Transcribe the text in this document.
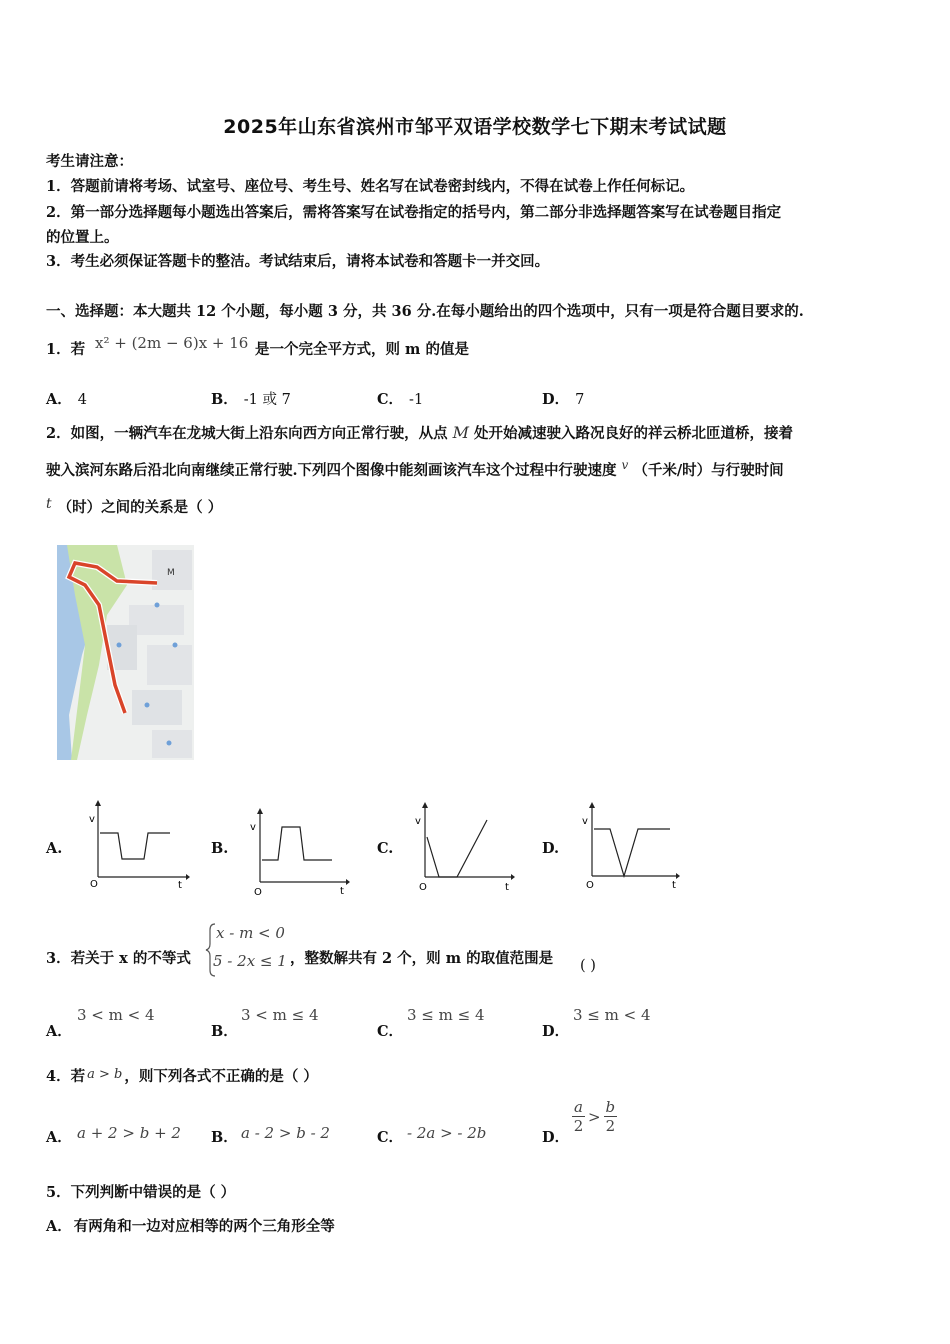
2025年山东省滨州市邹平双语学校数学七下期末考试试题
考生请注意：
1．答题前请将考场、试室号、座位号、考生号、姓名写在试卷密封线内，不得在试卷上作任何标记。
2．第一部分选择题每小题选出答案后，需将答案写在试卷指定的括号内，第二部分非选择题答案写在试卷题目指定
的位置上。
3．考生必须保证答题卡的整洁。考试结束后，请将本试卷和答题卡一并交回。
一、选择题：本大题共 12 个小题，每小题 3 分，共 36 分.在每小题给出的四个选项中，只有一项是符合题目要求的.
1．若 x² + (2m − 6)x + 16 是一个完全平方式，则 m 的值是
A． 4	B． -1 或 7	C． -1	D． 7
2．如图，一辆汽车在龙城大街上沿东向西方向正常行驶，从点 M 处开始减速驶入路况良好的祥云桥北匝道桥，接着
驶入滨河东路后沿北向南继续正常行驶.下列四个图像中能刻画该汽车这个过程中行驶速度 $^v$ （千米/时）与行驶时间
t （时）之间的关系是（ ）
M
A.
v
t
O
B.
v
t
O
C.
v
t
O
D.
v
t
O
3．若关于 x 的不等式
x - m < 0
5 - 2x ≤ 1 ，整数解共有 2 个，则 m 的取值范围是 ( )
A．
3 < m < 4
B．
3 < m ≤ 4
C．
3 ≤ m ≤ 4
D．
3 ≤ m < 4
4．若 a > b ，则下列各式不正确的是（ ）
A． a + 2 > b + 2 B． a - 2 > b - 2	C． - 2a > - 2b	D．
$\frac{a}{2} > \frac{b}{2}$
5．下列判断中错误的是（ ）
A． 有两角和一边对应相等的两个三角形全等
